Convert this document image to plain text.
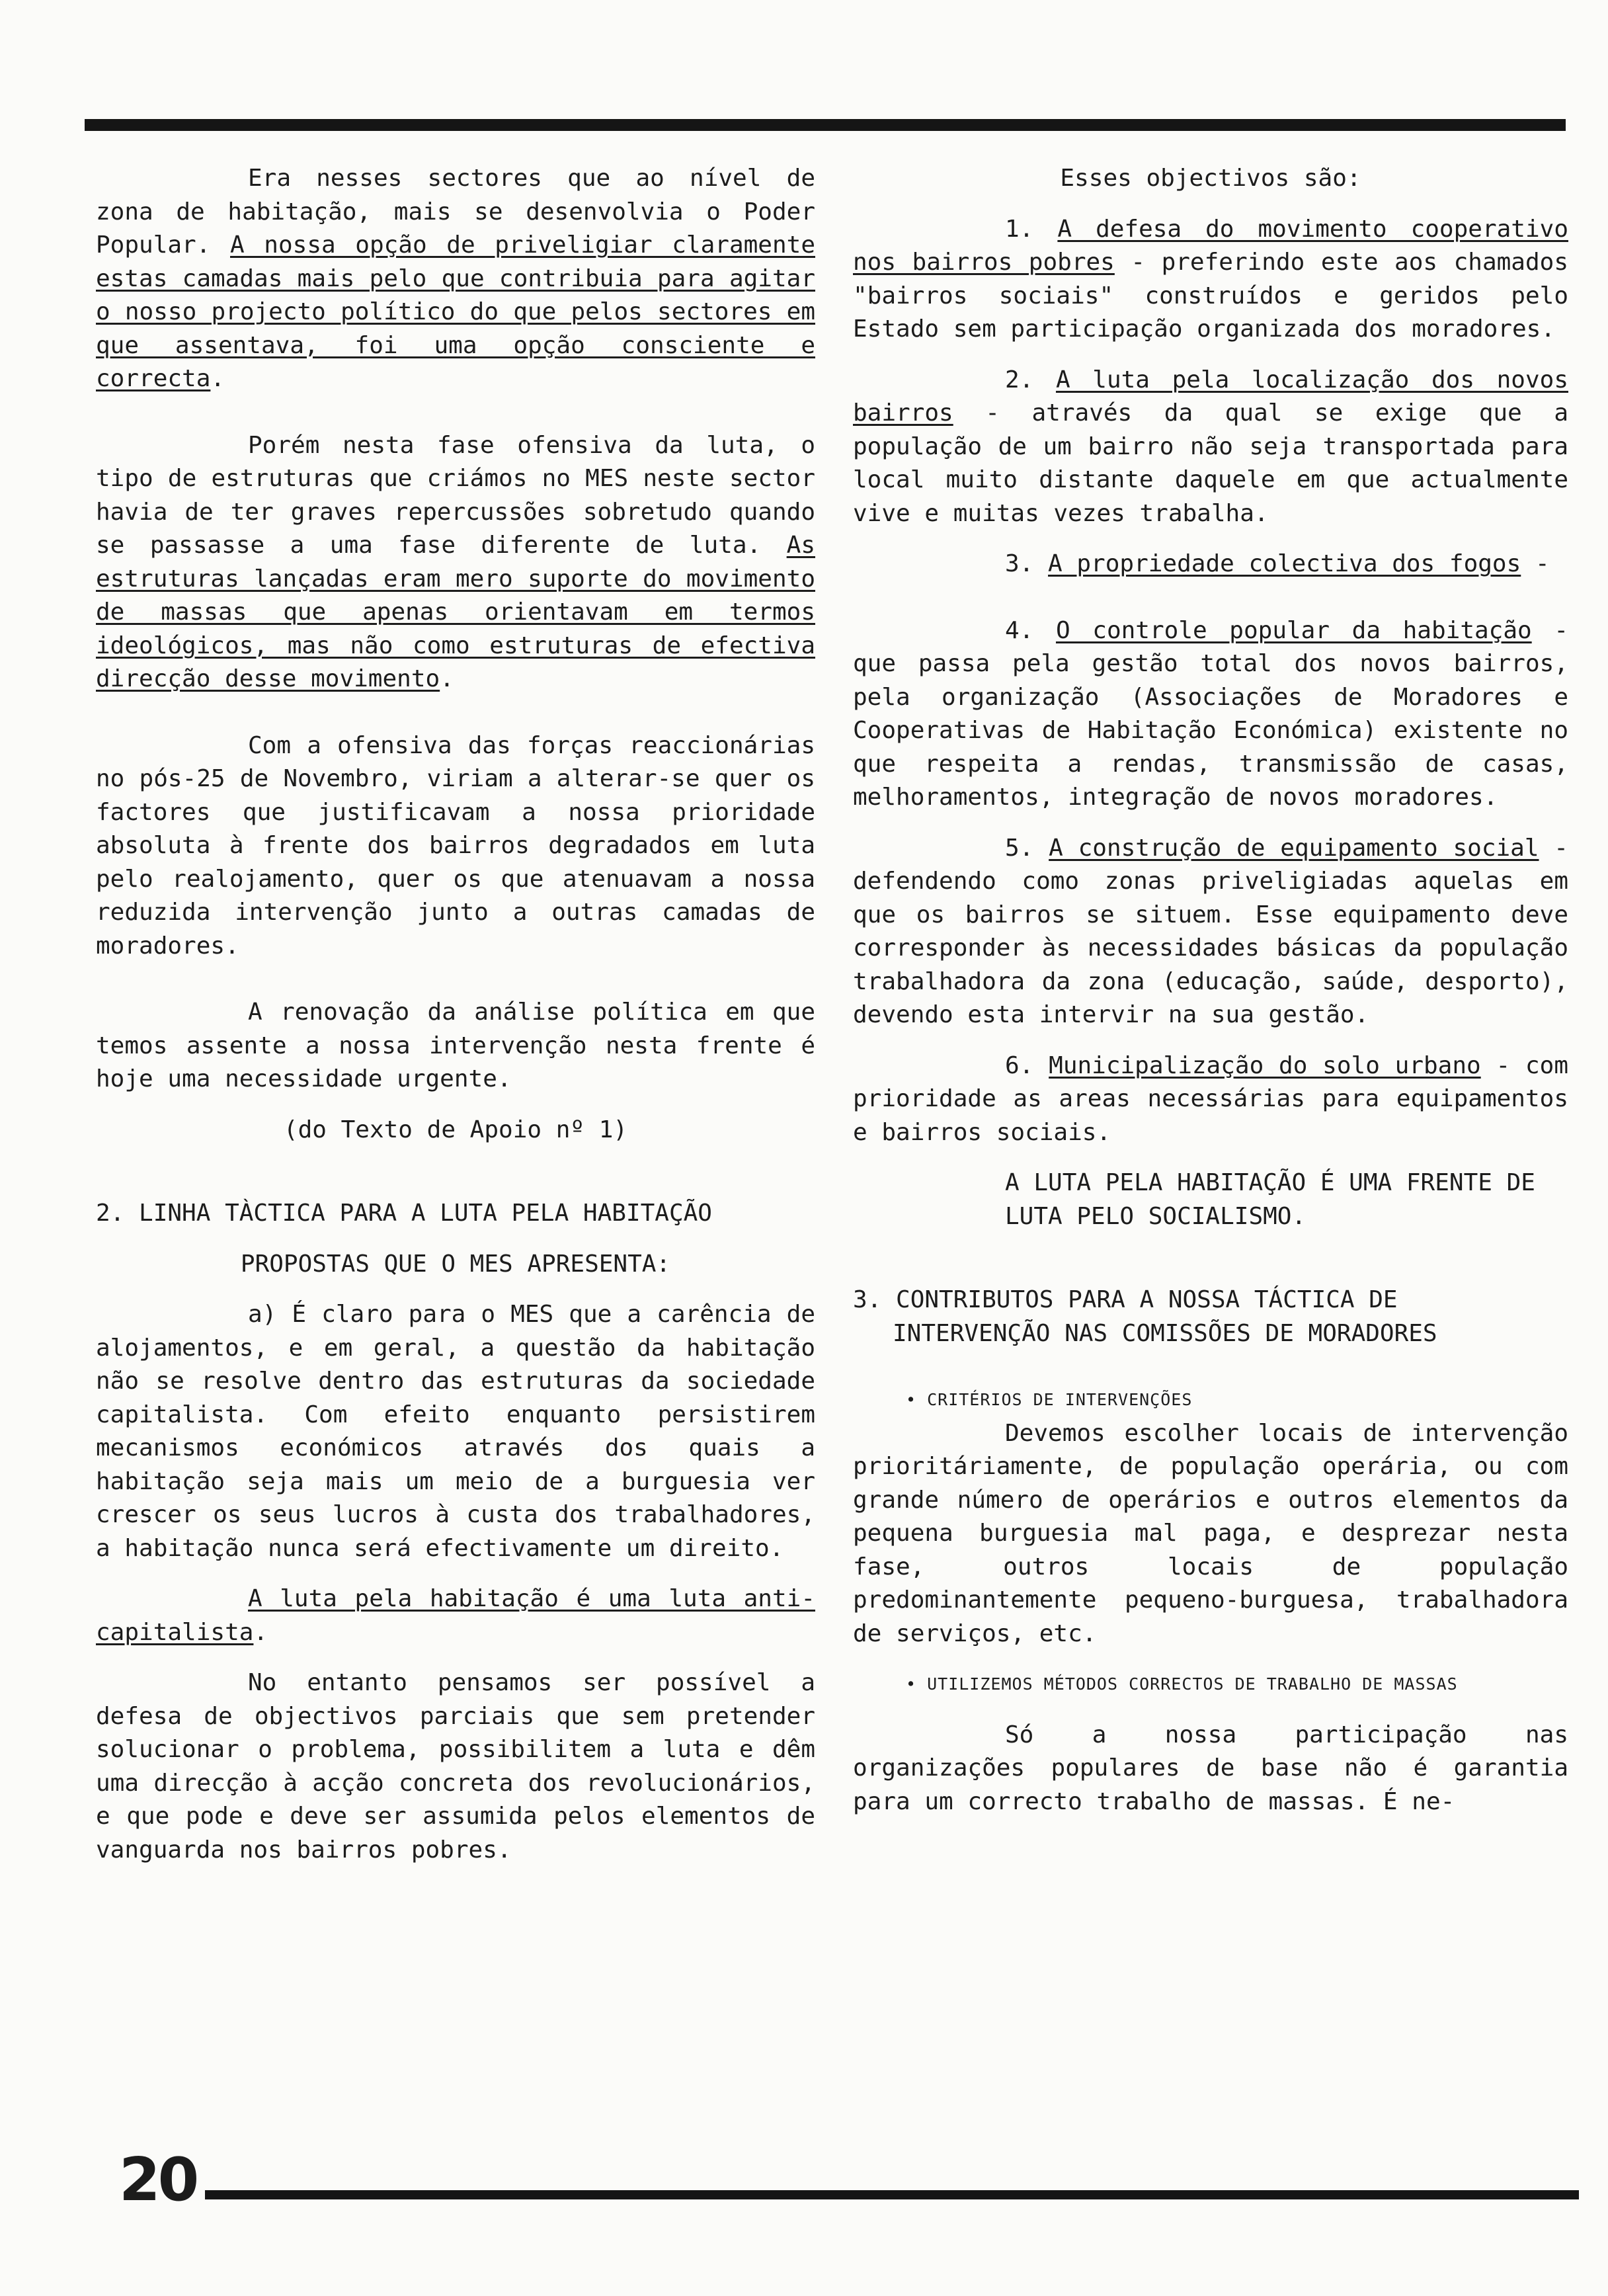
Era nesses sectores que ao nível de zona de habitação, mais se desenvolvia o Poder Popular. A nossa opção de priveligiar claramente estas camadas mais pelo que contribuia para agitar o nosso projecto político do que pelos sectores em que assentava, foi uma opção consciente e correcta.

Porém nesta fase ofensiva da luta, o tipo de estruturas que criámos no MES neste sector havia de ter graves repercussões sobretudo quando se passasse a uma fase diferente de luta. As estruturas lançadas eram mero suporte do movimento de massas que apenas orientavam em termos ideológicos, mas não como estruturas de efectiva direcção desse movimento.

Com a ofensiva das forças reaccionárias no pós-25 de Novembro, viriam a alterar-se quer os factores que justificavam a nossa prioridade absoluta à frente dos bairros degradados em luta pelo realojamento, quer os que atenuavam a nossa reduzida intervenção junto a outras camadas de moradores.

A renovação da análise política em que temos assente a nossa intervenção nesta frente é hoje uma necessidade urgente.

(do Texto de Apoio nº 1)

2. LINHA TÀCTICA PARA A LUTA PELA HABITAÇÃO

PROPOSTAS QUE O MES APRESENTA:

a) É claro para o MES que a carência de alojamentos, e em geral, a questão da habitação não se resolve dentro das estruturas da sociedade capitalista. Com efeito enquanto persistirem mecanismos económicos através dos quais a habitação seja mais um meio de a burguesia ver crescer os seus lucros à custa dos trabalhadores, a habitação nunca será efectivamente um direito.

A luta pela habitação é uma luta anti-capitalista.

No entanto pensamos ser possível a defesa de objectivos parciais que sem pretender solucionar o problema, possibilitem a luta e dêm uma direcção à acção concreta dos revolucionários, e que pode e deve ser assumida pelos elementos de vanguarda nos bairros pobres.

Esses objectivos são:

1. A defesa do movimento cooperativo nos bairros pobres - preferindo este aos chamados "bairros sociais" construídos e geridos pelo Estado sem participação organizada dos moradores.

2. A luta pela localização dos novos bairros - através da qual se exige que a população de um bairro não seja transportada para local muito distante daquele em que actualmente vive e muitas vezes trabalha.

3. A propriedade colectiva dos fogos -

4. O controle popular da habitação - que passa pela gestão total dos novos bairros, pela organização (Associações de Moradores e Cooperativas de Habitação Económica) existente no que respeita a rendas, transmissão de casas, melhoramentos, integração de novos moradores.

5. A construção de equipamento social - defendendo como zonas priveligiadas aquelas em que os bairros se situem. Esse equipamento deve corresponder às necessidades básicas da população trabalhadora da zona (educação, saúde, desporto), devendo esta intervir na sua gestão.

6. Municipalização do solo urbano - com prioridade as areas necessárias para equipamentos e bairros sociais.

A LUTA PELA HABITAÇÃO É UMA FRENTE DE LUTA PELO SOCIALISMO.

3. CONTRIBUTOS PARA A NOSSA TÁCTICA DE INTERVENÇÃO NAS COMISSÕES DE MORADORES

• CRITÉRIOS DE INTERVENÇÕES

Devemos escolher locais de intervenção prioritáriamente, de população operária, ou com grande número de operários e outros elementos da pequena burguesia mal paga, e desprezar nesta fase, outros locais de população predominantemente pequeno-burguesa, trabalhadora de serviços, etc.

• UTILIZEMOS MÉTODOS CORRECTOS DE TRABALHO DE MASSAS

Só a nossa participação nas organizações populares de base não é garantia para um correcto trabalho de massas. É ne-

20
